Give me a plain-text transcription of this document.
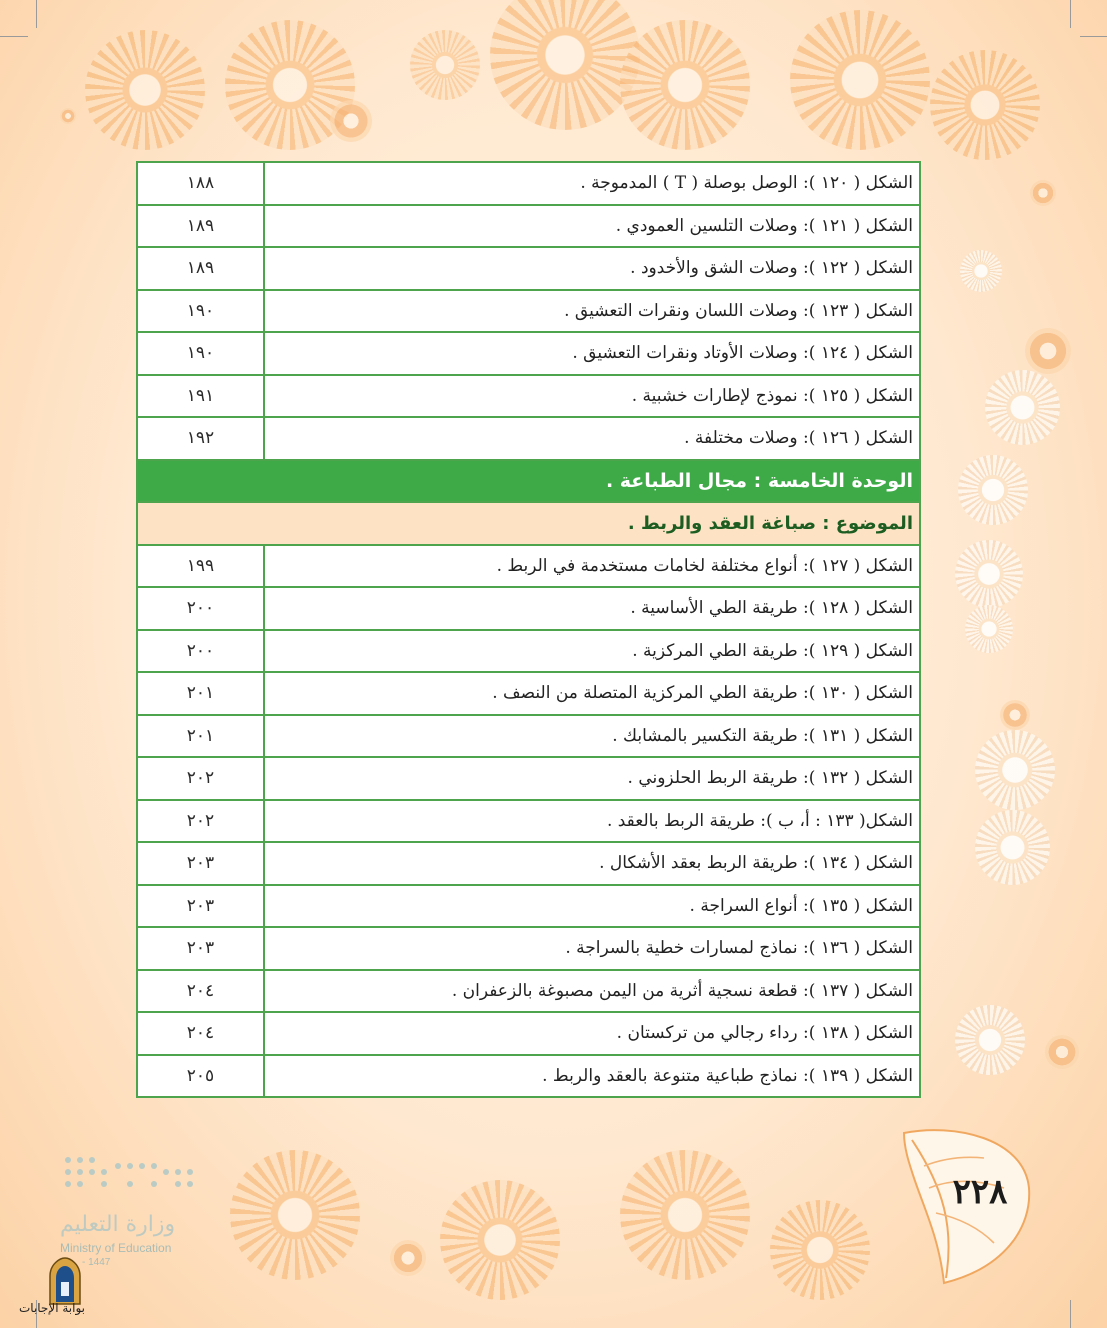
١٨٨	الشكل ( ١٢٠ ): الوصل بوصلة ( T ) المدموجة .
١٨٩	الشكل ( ١٢١ ): وصلات التلسين العمودي .
١٨٩	الشكل ( ١٢٢ ): وصلات الشق والأخدود .
١٩٠	الشكل ( ١٢٣ ): وصلات اللسان ونقرات التعشيق .
١٩٠	الشكل ( ١٢٤ ): وصلات الأوتاد ونقرات التعشيق .
١٩١	الشكل ( ١٢٥ ): نموذج لإطارات خشبية .
١٩٢	الشكل ( ١٢٦ ): وصلات مختلفة .
الوحدة الخامسة : مجال الطباعة .	
الموضوع : صباغة العقد والربط .	
١٩٩	الشكل ( ١٢٧ ): أنواع مختلفة لخامات مستخدمة في الربط .
٢٠٠	الشكل ( ١٢٨ ): طريقة الطي الأساسية .
٢٠٠	الشكل ( ١٢٩ ): طريقة الطي المركزية .
٢٠١	الشكل ( ١٣٠ ): طريقة الطي المركزية المتصلة من النصف .
٢٠١	الشكل ( ١٣١ ): طريقة التكسير بالمشابك .
٢٠٢	الشكل ( ١٣٢ ): طريقة الربط الحلزوني .
٢٠٢	الشكل( ١٣٣ : أ، ب ): طريقة الربط بالعقد .
٢٠٣	الشكل ( ١٣٤ ): طريقة الربط بعقد الأشكال .
٢٠٣	الشكل ( ١٣٥ ): أنواع السراجة .
٢٠٣	الشكل ( ١٣٦ ): نماذج لمسارات خطية بالسراجة .
٢٠٤	الشكل ( ١٣٧ ): قطعة نسجية أثرية من اليمن مصبوغة بالزعفران .
٢٠٤	الشكل ( ١٣٨ ): رداء رجالي من تركستان .
٢٠٥	الشكل ( ١٣٩ ): نماذج طباعية متنوعة بالعقد والربط .
٢٢٨
وزارة التعليم
Ministry of Education
- 1447
بوابة الإجابات
